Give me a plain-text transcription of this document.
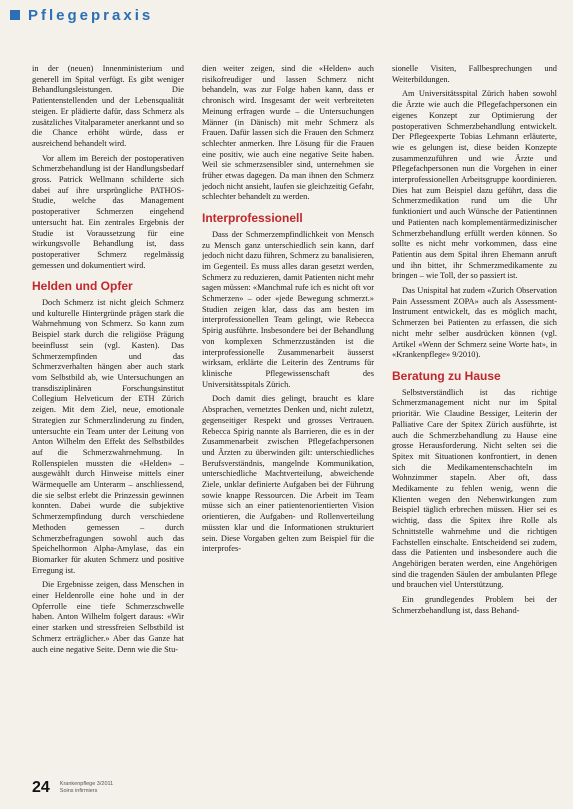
Pflegepraxis

in der (neuen) Innenministerium und generell im Spital verfügt. Es gibt weniger Behandlungsleistungen. Die Patientenstellenden und der Lebensqualität steigen. Er plädierte dafür, dass Schmerz als zusätzliches Vitalparameter anerkannt und so die Chance erhöht würde, dass er ausreichend behandelt wird.

Vor allem im Bereich der postoperativen Schmerzbehandlung ist der Handlungsbedarf gross. Patrick Wellmann schilderte sich dabei auf ihre ursprüngliche PATHOS-Studie, welche das Management postoperativer Schmerzen eingehend untersucht hat. Ein zentrales Ergebnis der Studie ist Voraussetzung für eine wirkungsvolle Behandlung ist, dass postoperativer Schmerz regelmässig gemessen und dokumentiert wird.

Helden und Opfer

Doch Schmerz ist nicht gleich Schmerz und kulturelle Hintergründe prägen stark die Wahrnehmung von Schmerz. So kann zum Beispiel stark durch die religiöse Prägung beeinflusst sein (vgl. Kasten). Das Schmerzempfinden und das Schmerzverhalten hängen aber auch stark vom Selbstbild ab, wie Untersuchungen an transdisziplinären Forschungsinstitut Collegium Helveticum der ETH Zürich zeigen. Mit dem Ziel, neue, emotionale Strategien zur Schmerzlinderung zu finden, untersuchte ein Team unter der Leitung von Anton Wilhelm den Effekt des Selbstbildes auf die Schmerzwahrnehmung. In Rollenspielen mussten die «Helden» – ausgewählt durch Hinweise mittels einer Wärmequelle am Unterarm – anschliessend, die sie selbst erlebt die Prinzessin gewinnen konnten. Dabei wurde die subjektive Schmerzempfindung durch verschiedene Methoden gemessen – durch Schmerzbefragungen sowohl auch das Speichelhormon Alpha-Amylase, das ein Biomarker für akuten Schmerz und positive Erregung ist.

Die Ergebnisse zeigen, dass Menschen in einer Heldenrolle eine hohe und in der Opferrolle eine tiefe Schmerzschwelle haben. Anton Wilhelm folgert daraus: «Wir einer starken und stressfreien Selbstbild ist Schmerz erträglicher.» Aber das Ganze hat auch eine negative Seite. Denn wie die Stu-

dien weiter zeigen, sind die «Helden» auch risikofreudiger und lassen Schmerz nicht behandeln, was zur Folge haben kann, dass er chronisch wird. Insgesamt der weit verbreiteten Meinung erfragen wurde – die Untersuchungen Männer (in Dänisch) mit mehr Schmerz als Frauen. Dafür lassen sich die Frauen den Schmerz schlechter anmerken. Ihre Lösung für die Frauen eine positiv, wie auch eine negative Seite haben. Weil sie schmerzsensibler sind, unternehmen sie früher etwas dagegen. Da man ihnen den Schmerz jedoch nicht ansieht, laufen sie gleichzeitig Gefahr, schlechter behandelt zu werden.

Interprofessionell

Dass der Schmerzempfindlichkeit von Mensch zu Mensch ganz unterschiedlich sein kann, darf jedoch nicht dazu führen, Schmerz zu banalisieren, im Gegenteil. Es muss alles daran gesetzt werden, Schmerz zu reduzieren, damit Patienten nicht mehr sagen müssen: «Manchmal rufe ich es nicht oft vor Schmerzen» – oder «jede Bewegung schmerzt.» Studien zeigen klar, dass das am besten im interprofessionellen Team gelingt, wie Rebecca Spirig ausführte. Insbesondere bei der Behandlung von komplexen Schmerzzuständen ist die interprofessionelle Zusammenarbeit äusserst wirksam, erklärte die Leiterin des Zentrums für klinische Pflegewissenschaft des Universitätsspitals Zürich.

Doch damit dies gelingt, braucht es klare Absprachen, vernetztes Denken und, nicht zuletzt, gegenseitiger Respekt und grosses Vertrauen. Rebecca Spirig nannte als Barrieren, die es in der Zusammenarbeit zwischen Pflegefachpersonen und Ärzten zu überwinden gilt: unterschiedliches Berufsverständnis, mangelnde Kommunikation, unterschiedliche Machtverteilung, abweichende Ziele, unklar definierte Aufgaben bei der Führung sowie knappe Ressourcen. Die Arbeit im Team müsse sich an einer patientenorientierten Vision orientieren, die Aufgaben- und Rollenverteilung müssten klar und die Informationen strukturiert sein. Diese Vorgaben gelten zum Beispiel für die interprofes-

sionelle Visiten, Fallbesprechungen und Weiterbildungen.

Am Universitätsspital Zürich haben sowohl die Ärzte wie auch die Pflegefachpersonen ein eigenes Konzept zur Optimierung der postoperativen Schmerzbehandlung entwickelt. Der Pflegeexperte Tobias Lehmann erläuterte, wie es gelungen ist, diese beiden Konzepte zusammenzuführen und wie Ärzte und Pflegefachpersonen nun die Vorgehen in einer interprofessionellen Arbeitsgruppe koordinieren. Dies hat zum Beispiel dazu geführt, dass die Schmerzmedikation rund um die Uhr funktioniert und auch Wünsche der Patientinnen und Patienten nach komplementärmedizinischer Schmerzbehandlung erfüllt werden können. So sollte es nicht mehr vorkommen, dass eine Patientin aus dem Spital ihren Ehemann anruft und ihn bittet, ihr Schmerzmedikamente zu bringen – wie Toll, der so passiert ist.

Das Unispital hat zudem «Zurich Observation Pain Assessment ZOPA» auch als Assessment-Instrument entwickelt, das es möglich macht, Schmerzen bei Patienten zu erfassen, die sich nicht mehr selber ausdrücken können (vgl. Artikel «Wenn der Schmerz seine Worte hat», in «Krankenpflege» 9/2010).

Beratung zu Hause

Selbstverständlich ist das richtige Schmerzmanagement nicht nur im Spital prioritär. Wie Claudine Bessiger, Leiterin der Palliative Care der Spitex Zürich ausführte, ist auch die Schmerzbehandlung zu Hause eine grosse Herausforderung. Nicht selten sei die Spitex mit Situationen konfrontiert, in denen sich die Medikamentenschachteln im Wohnzimmer stapeln. Aber oft, dass Medikamente zu fehlen wenig, wenn die Klienten wegen den Nebenwirkungen zum Beispiel täglich erbrechen müssen. Hier sei es wichtig, dass die Spitex ihre Rolle als Schnittstelle wahrnehme und die richtigen Fachstellen einschalte. Entscheidend sei zudem, dass die Patienten und insbesondere auch die Angehörigen beraten werden, eine Angehörigen sind die tragenden Säulen der ambulanten Pflege und brauchen viel Unterstützung.

Ein grundlegendes Problem bei der Schmerzbehandlung ist, dass Behand-

24 Krankenpflege 3/2011
Soins infirmiers
